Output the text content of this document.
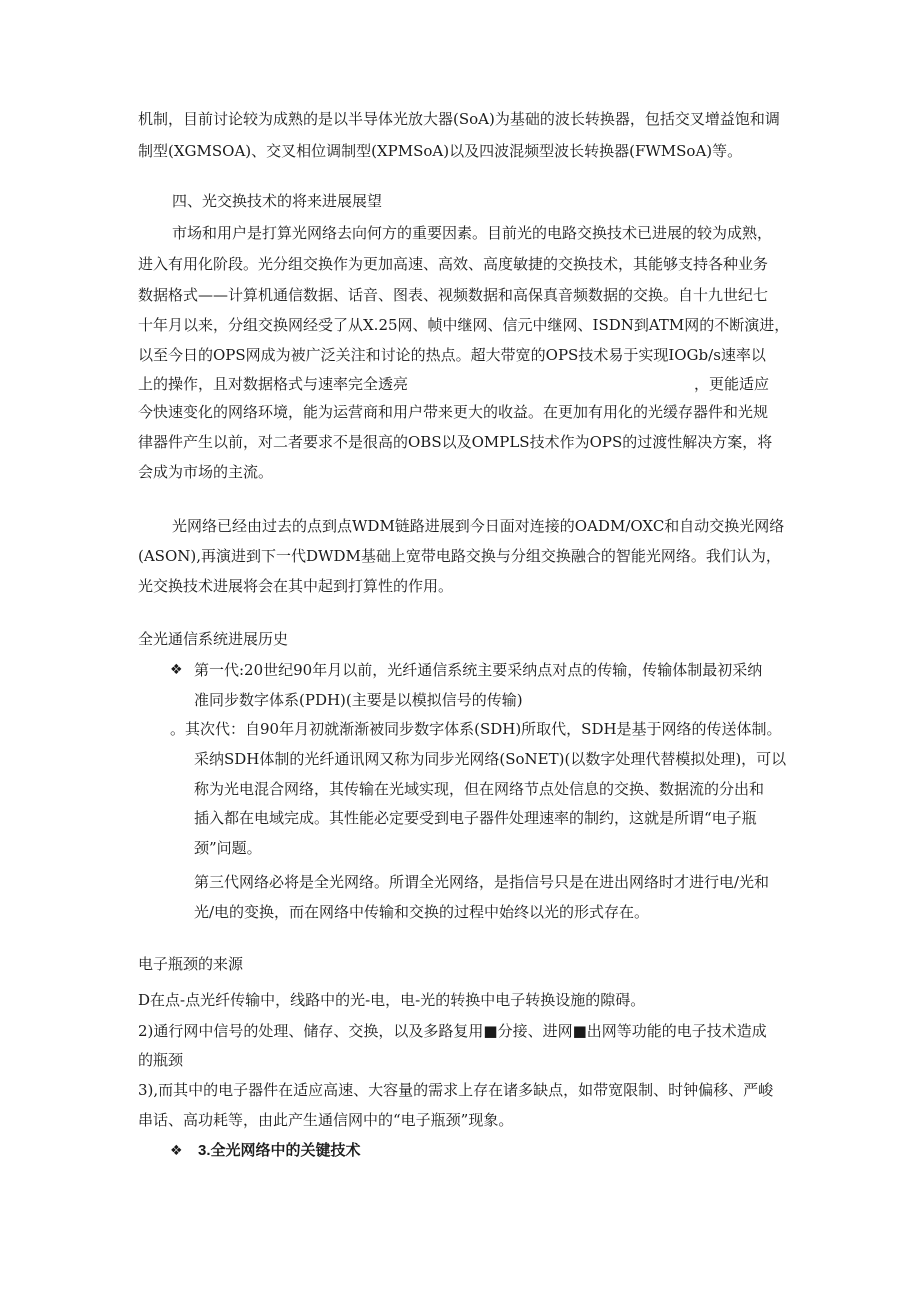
机制，目前讨论较为成熟的是以半导体光放大器(SoA)为基础的波长转换器，包括交叉增益饱和调
制型(XGMSOA)、交叉相位调制型(XPMSoA)以及四波混频型波长转换器(FWMSoA)等。
四、光交换技术的将来进展展望
市场和用户是打算光网络去向何方的重要因素。目前光的电路交换技术已进展的较为成熟，
进入有用化阶段。光分组交换作为更加高速、高效、高度敏捷的交换技术，其能够支持各种业务
数据格式——计算机通信数据、话音、图表、视频数据和高保真音频数据的交换。自十九世纪七
十年月以来，分组交换网经受了从X.25网、帧中继网、信元中继网、ISDN到ATM网的不断演进，
以至今日的OPS网成为被广泛关注和讨论的热点。超大带宽的OPS技术易于实现IOGb/s速率以
上的操作，且对数据格式与速率完全透亮	，更能适应
今快速变化的网络环境，能为运营商和用户带来更大的收益。在更加有用化的光缓存器件和光规
律器件产生以前，对二者要求不是很高的OBS以及OMPLS技术作为OPS的过渡性解决方案，将
会成为市场的主流。
光网络已经由过去的点到点WDM链路进展到今日面对连接的OADM/OXC和自动交换光网络
(ASON),再演进到下一代DWDM基础上宽带电路交换与分组交换融合的智能光网络。我们认为，
光交换技术进展将会在其中起到打算性的作用。
全光通信系统进展历史
❖ 第一代:20世纪90年月以前，光纤通信系统主要采纳点对点的传输，传输体制最初采纳
准同步数字体系(PDH)(主要是以模拟信号的传输)
。其次代：自90年月初就渐渐被同步数字体系(SDH)所取代，SDH是基于网络的传送体制。
采纳SDH体制的光纤通讯网又称为同步光网络(SoNET)(以数字处理代替模拟处理)，可以
称为光电混合网络，其传输在光域实现，但在网络节点处信息的交换、数据流的分出和
插入都在电域完成。其性能必定要受到电子器件处理速率的制约，这就是所谓“电子瓶
颈”问题。
第三代网络必将是全光网络。所谓全光网络，是指信号只是在进出网络时才进行电/光和
光/电的变换，而在网络中传输和交换的过程中始终以光的形式存在。
电子瓶颈的来源
D在点-点光纤传输中，线路中的光-电，电-光的转换中电子转换设施的隙碍。
2)通行网中信号的处理、储存、交换，以及多路复用■分接、进网■出网等功能的电子技术造成
的瓶颈
3),而其中的电子器件在适应高速、大容量的需求上存在诸多缺点，如带宽限制、时钟偏移、严峻
串话、高功耗等，由此产生通信网中的“电子瓶颈”现象。
❖ 3.全光网络中的关键技术
